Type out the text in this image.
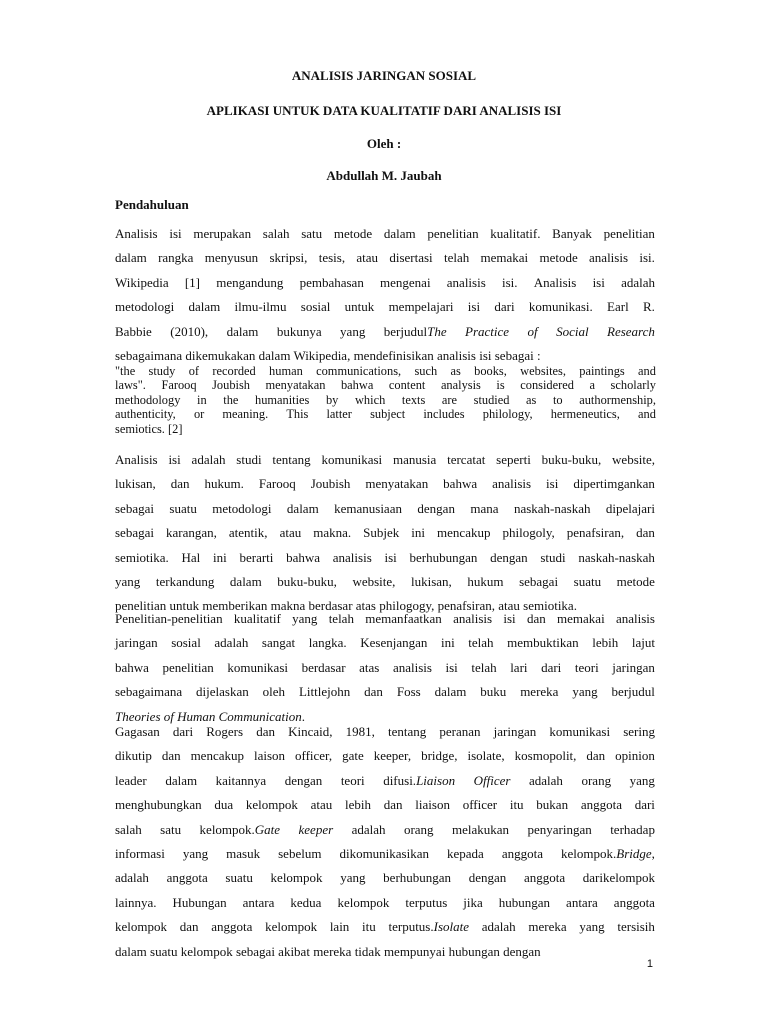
ANALISIS JARINGAN SOSIAL
APLIKASI UNTUK DATA KUALITATIF DARI ANALISIS ISI
Oleh :
Abdullah M. Jaubah
Pendahuluan
Analisis isi merupakan salah satu metode dalam penelitian kualitatif. Banyak penelitian
dalam rangka menyusun skripsi, tesis, atau disertasi telah memakai metode analisis isi.
Wikipedia [1] mengandung pembahasan mengenai analisis isi. Analisis isi adalah
metodologi dalam ilmu-ilmu sosial untuk mempelajari isi dari komunikasi. Earl R.
Babbie (2010), dalam bukunya yang berjudulThe Practice of Social Research
sebagaimana dikemukakan dalam Wikipedia, mendefinisikan analisis isi sebagai :
"the study of recorded human communications, such as books, websites, paintings and
laws". Farooq Joubish menyatakan bahwa content analysis is considered a scholarly
methodology in the humanities by which texts are studied as to authormenship,
authenticity, or meaning. This latter subject includes philology, hermeneutics, and
semiotics. [2]
Analisis isi adalah studi tentang komunikasi manusia tercatat seperti buku-buku, website,
lukisan, dan hukum. Farooq Joubish menyatakan bahwa analisis isi dipertimgankan
sebagai suatu metodologi dalam kemanusiaan dengan mana naskah-naskah dipelajari
sebagai karangan, atentik, atau makna. Subjek ini mencakup philogoly, penafsiran, dan
semiotika. Hal ini berarti bahwa analisis isi berhubungan dengan studi naskah-naskah
yang terkandung dalam buku-buku, website, lukisan, hukum sebagai suatu metode
penelitian untuk memberikan makna berdasar atas philogogy, penafsiran, atau semiotika.
Penelitian-penelitian kualitatif yang telah memanfaatkan analisis isi dan memakai analisis
jaringan sosial adalah sangat langka. Kesenjangan ini telah membuktikan lebih lajut
bahwa penelitian komunikasi berdasar atas analisis isi telah lari dari teori jaringan
sebagaimana dijelaskan oleh Littlejohn dan Foss dalam buku mereka yang berjudul
Theories of Human Communication .
Gagasan dari Rogers dan Kincaid, 1981, tentang peranan jaringan komunikasi sering
dikutip dan mencakup laison officer, gate keeper, bridge, isolate, kosmopolit, dan opinion
leader dalam kaitannya dengan teori difusi.Liaison Officer adalah orang yang
menghubungkan dua kelompok atau lebih dan liaison officer itu bukan anggota dari
salah satu kelompok.Gate keeper adalah orang melakukan penyaringan terhadap
informasi yang masuk sebelum dikomunikasikan kepada anggota kelompok.Bridge,
adalah anggota suatu kelompok yang berhubungan dengan anggota darikelompok
lainnya. Hubungan antara kedua kelompok terputus jika hubungan antara anggota
kelompok dan anggota kelompok lain itu terputus.Isolate adalah mereka yang tersisih
dalam suatu kelompok sebagai akibat mereka tidak mempunyai hubungan dengan
1
